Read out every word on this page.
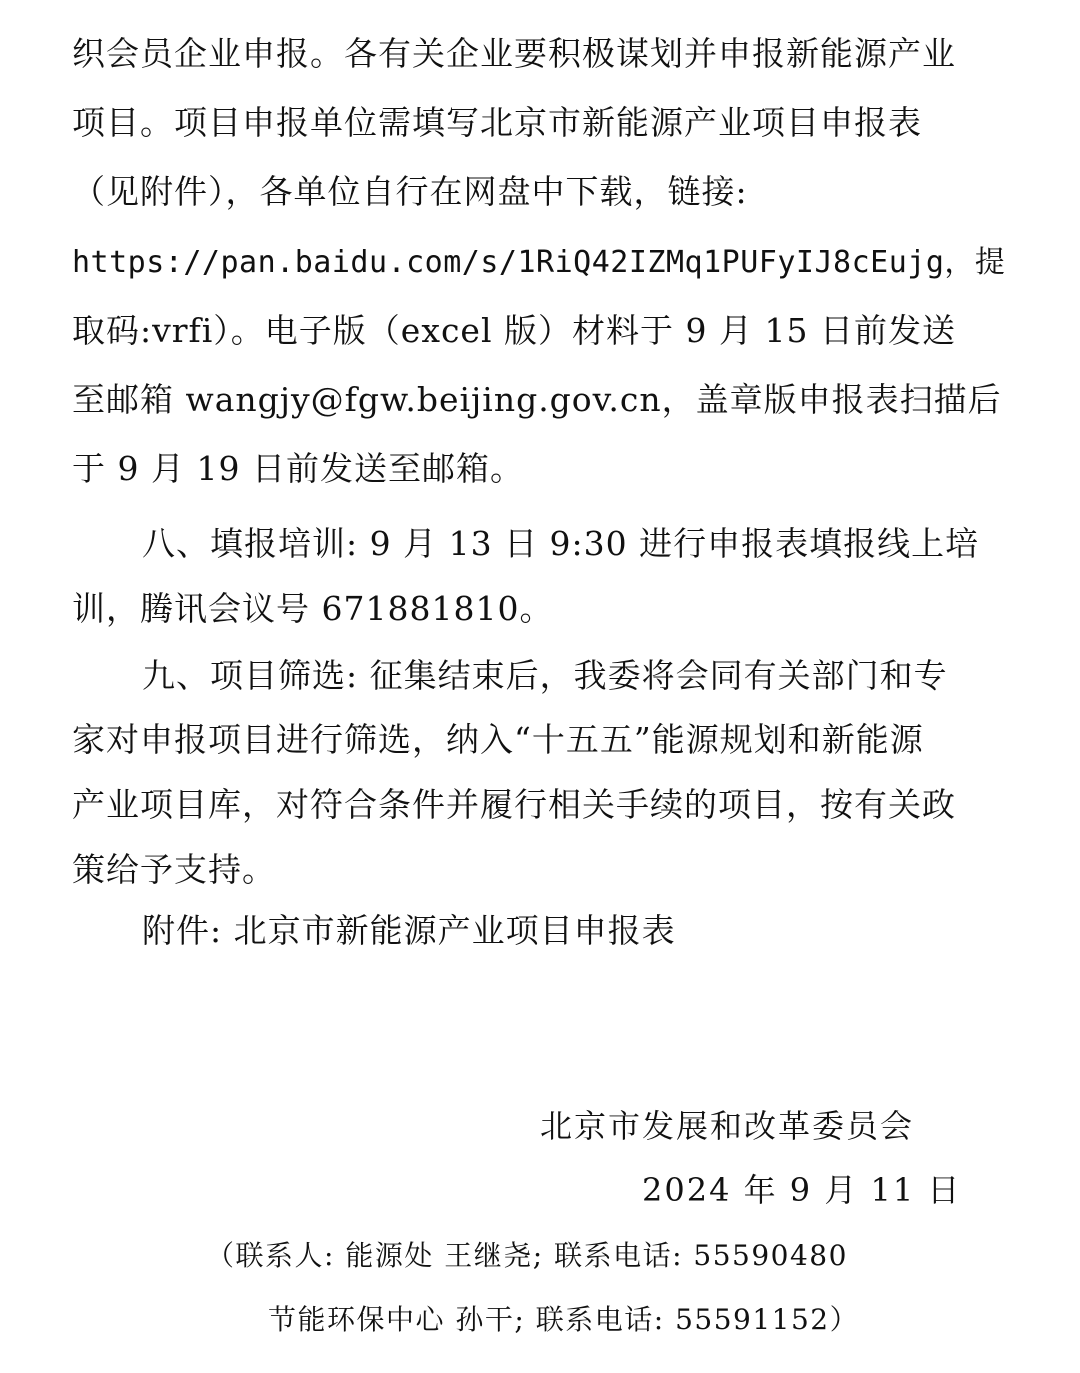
织会员企业申报。各有关企业要积极谋划并申报新能源产业
项目。项目申报单位需填写北京市新能源产业项目申报表
（见附件），各单位自行在网盘中下载，链接:
https://pan.baidu.com/s/1RiQ42IZMq1PUFyIJ8cEujg，提
取码:vrfi）。电子版（excel 版）材料于 9 月 15 日前发送
至邮箱 wangjy@fgw.beijing.gov.cn，盖章版申报表扫描后
于 9 月 19 日前发送至邮箱。
八、填报培训: 9 月 13 日 9:30 进行申报表填报线上培
训，腾讯会议号 671881810。
九、项目筛选: 征集结束后，我委将会同有关部门和专
家对申报项目进行筛选，纳入“十五五”能源规划和新能源
产业项目库，对符合条件并履行相关手续的项目，按有关政
策给予支持。
附件: 北京市新能源产业项目申报表
北京市发展和改革委员会
2024 年 9 月 11 日
（联系人: 能源处 王继尧; 联系电话: 55590480
节能环保中心 孙干; 联系电话: 55591152）
